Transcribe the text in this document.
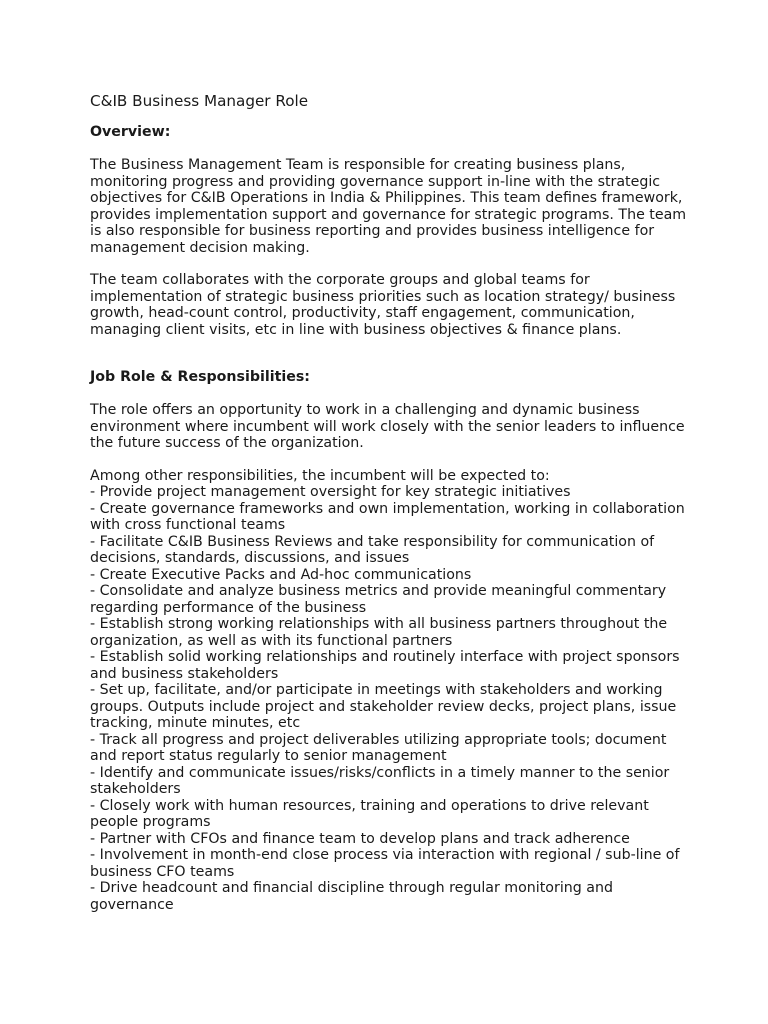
C&IB Business Manager Role
Overview:

The Business Management Team is responsible for creating business plans, monitoring progress and providing governance support in-line with the strategic objectives for C&IB Operations in India & Philippines. This team defines framework, provides implementation support and governance for strategic programs. The team is also responsible for business reporting and provides business intelligence for management decision making.

The team collaborates with the corporate groups and global teams for implementation of strategic business priorities such as location strategy/ business growth, head-count control, productivity, staff engagement, communication, managing client visits, etc in line with business objectives & finance plans.

Job Role & Responsibilities:

The role offers an opportunity to work in a challenging and dynamic business environment where incumbent will work closely with the senior leaders to influence the future success of the organization.

Among other responsibilities, the incumbent will be expected to:

- Provide project management oversight for key strategic initiatives
- Create governance frameworks and own implementation, working in collaboration with cross functional teams
- Facilitate C&IB Business Reviews and take responsibility for communication of decisions, standards, discussions, and issues
- Create Executive Packs and Ad-hoc communications
- Consolidate and analyze business metrics and provide meaningful commentary regarding performance of the business
- Establish strong working relationships with all business partners throughout the organization, as well as with its functional partners
- Establish solid working relationships and routinely interface with project sponsors and business stakeholders
- Set up, facilitate, and/or participate in meetings with stakeholders and working groups. Outputs include project and stakeholder review decks, project plans, issue tracking, minute minutes, etc
- Track all progress and project deliverables utilizing appropriate tools; document and report status regularly to senior management
- Identify and communicate issues/risks/conflicts in a timely manner to the senior stakeholders
- Closely work with human resources, training and operations to drive relevant people programs
- Partner with CFOs and finance team to develop plans and track adherence
- Involvement in month-end close process via interaction with regional / sub-line of business CFO teams
- Drive headcount and financial discipline through regular monitoring and governance
